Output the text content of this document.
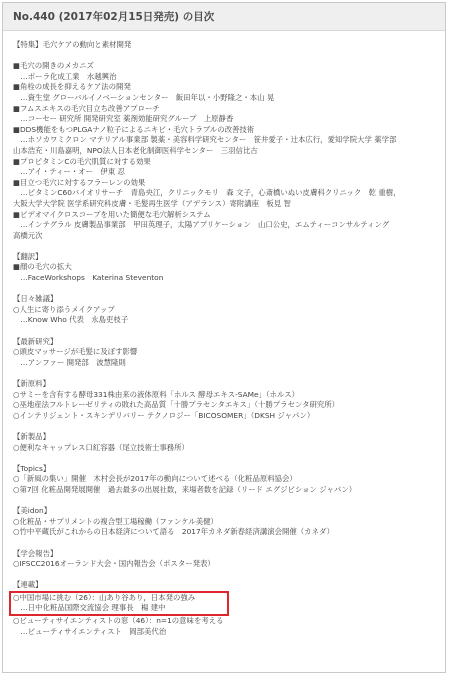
No.440 (2017年02月15日発売) の目次
【特集】毛穴ケアの動向と素材開発
■毛穴の開きのメカニズ
　…ポーラ化成工業　水越興治
■角栓の成長を抑えるケア法の開発
　…資生堂 グローバルイノベーションセンター　飯田年以・小野隆之・本山 晃
■フムスエキスの毛穴目立ち改善アプローチ
　…コーセー 研究所 開発研究室 薬剤効能研究グループ　上原静香
■DDS機能をもつPLGAナノ粒子によるニキビ・毛穴トラブルの改善技術
　…ホソカワミクロン マテリアル事業部 製薬・美容料学研究センター　笹井愛子・辻本広行，愛知学院大学 薬学部
山本浩充・川島嘉明，NPO法人日本老化制御医科学センター　三羽信比古
■プロピタミンCの毛穴肌質に対する効果
　…アイ・ティー・オー　伊東 忍
■目立つ毛穴に対するフラーレンの効果
　…ピタミンC60バイオリサーチ　青島央江，クリニックモリ　森 文子，心斎橋いぬい皮膚科クリニック　乾 重樹，
大阪大学大学院 医学系研究科皮膚・毛髪再生医学（アデランス）寄附講座　板見 智
■ビデオマイクロスコープを用いた簡便な毛穴解析システム
　…インテグラル 皮膚製品事業部　甲田英理子，太陽アプリケーション　山口公史，エムティーコンサルティング
高橋元次
【翻訳】
■顔の毛穴の拡大
　…FaceWorkshops　Katerina Steventon
【日々雑議】
○人生に寄り添うメイクアップ
　…Know Who 代表　永島吏枝子
【最新研究】
○頭皮マッサージが毛髪に及ぼす影響
　…アンファー 開発部　波慧隆則
【新原料】
○サミーを含有する酵母331株由来の液体原料「ホルス 酵母エキス-SAMe」（ホルス）
○巫地産法フルトレーゼリティの敗れた高品質「十勝プラセンタエキス」（十勝プラセンタ研究所）
○インテリジェント・スキンデリバリー テクノロジー「BICOSOMER」（DKSH ジャパン）
【新製品】
○便利なキャップレス口紅容器（尾立技術士事務所）
【Topics】
○「新風の集い」開催　木村会長が2017年の動向について述べる（化粧品原料協会）
○第7回 化粧品開発展開催　過去最多の出展社数，来場者数を記録（リード エグジビション ジャパン）
【美idon】
○化粧品・サプリメントの複合型工場稼働（ファンケル美健）
○竹中平蔵氏がこれからの日本経済について語る　2017年カネダ新春経済講演会開催（カネダ）
【学会報告】
○IFSCC2016オーランド大会・国内報告会（ポスター発表）
【連載】
○中国市場に挑む（26）：山あり谷あり，日本発の強み
　…日中化粧品国際交流協会 理事長　楊 建中
○ビューティサイエンティストの窓（46）：n=1の意味を考える
　…ビューティサイエンティスト　岡部美代治
